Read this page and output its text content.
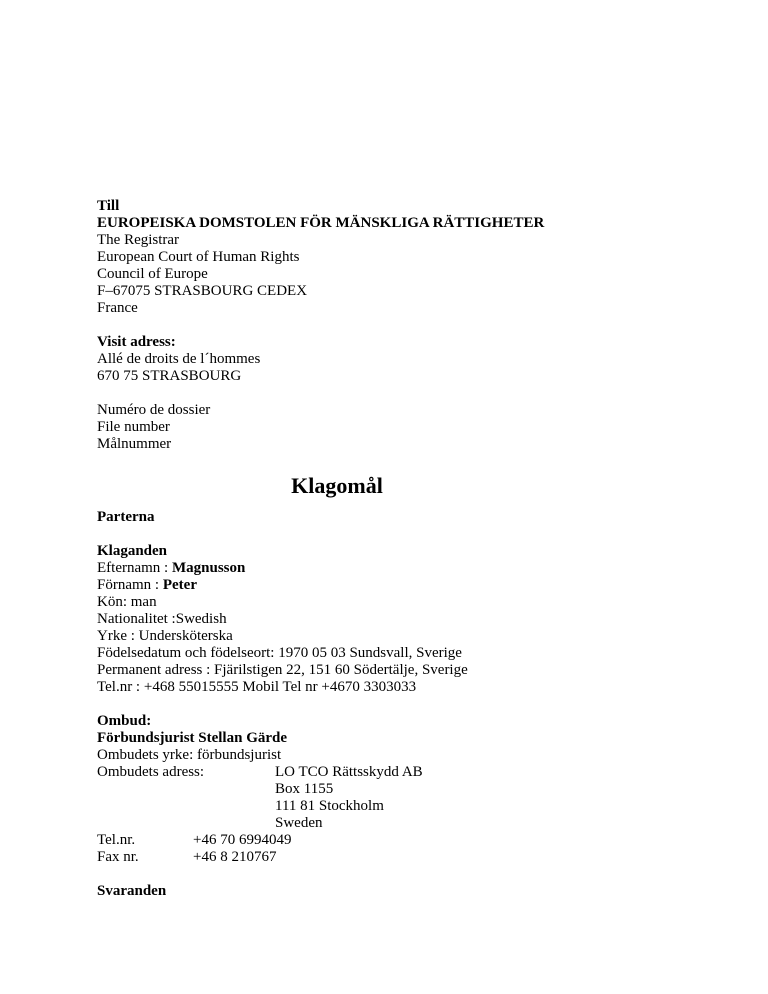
Till
EUROPEISKA DOMSTOLEN FÖR MÄNSKLIGA RÄTTIGHETER
The Registrar
European Court of Human Rights
Council of Europe
F–67075 STRASBOURG CEDEX
France
Visit adress:
Allé de droits de l´hommes
670 75 STRASBOURG
Numéro de dossier
File number
Målnummer
Klagomål
Parterna
Klaganden
Efternamn : Magnusson
Förnamn : Peter
Kön: man
Nationalitet :Swedish
Yrke : Undersköterska
Födelsedatum och födelseort: 1970 05 03 Sundsvall, Sverige
Permanent adress : Fjärilstigen 22, 151 60 Södertälje, Sverige
Tel.nr : +468 55015555 Mobil Tel nr +4670 3303033
Ombud:
Förbundsjurist Stellan Gärde
Ombudets yrke: förbundsjurist
Ombudets adress:	LO TCO Rättsskydd AB
Box 1155
111 81 Stockholm
Sweden
Tel.nr.	+46 70 6994049
Fax nr.	+46 8 210767
Svaranden
